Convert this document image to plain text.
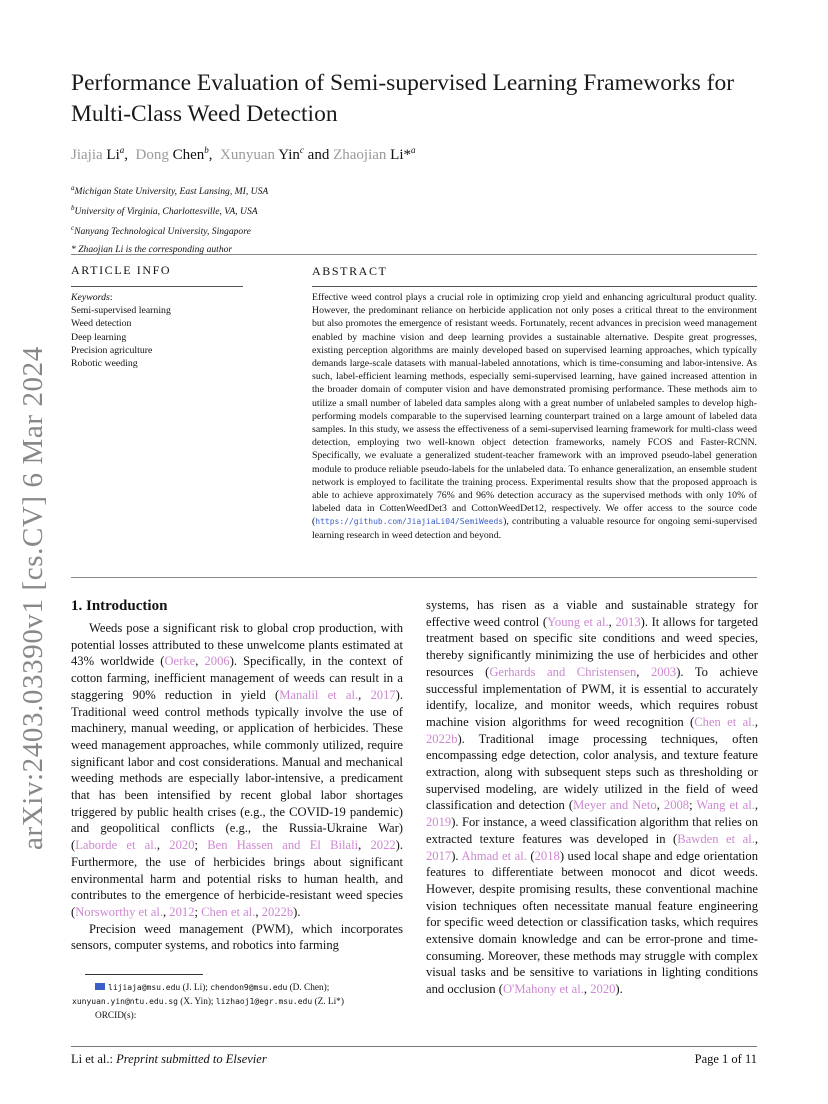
arXiv:2403.03390v1 [cs.CV] 6 Mar 2024
Performance Evaluation of Semi-supervised Learning Frameworks for
Multi-Class Weed Detection
Jiajia Li$^a$,  Dong Chen$^b$,  Xunyuan Yin$^c$ and Zhaojian Li*$^a$
$^a$Michigan State University, East Lansing, MI, USA
$^b$University of Virginia, Charlottesville, VA, USA
$^c$Nanyang Technological University, Singapore
* Zhaojian Li is the corresponding author
ARTICLE INFO	ABSTRACT
Keywords:
Semi-supervised learning
Weed detection
Deep learning
Precision agriculture
Robotic weeding
Effective weed control plays a crucial role in optimizing crop yield and enhancing agricultural product quality. However, the predominant reliance on herbicide application not only poses a critical threat to the environment but also promotes the emergence of resistant weeds. Fortunately, recent advances in precision weed management enabled by machine vision and deep learning provides a sustainable alternative. Despite great progresses, existing perception algorithms are mainly developed based on supervised learning approaches, which typically demands large-scale datasets with manual-labeled annotations, which is time-consuming and labor-intensive. As such, label-efficient learning methods, especially semi-supervised learning, have gained increased attention in the broader domain of computer vision and have demonstrated promising performance. These methods aim to utilize a small number of labeled data samples along with a great number of unlabeled samples to develop high-performing models comparable to the supervised learning counterpart trained on a large amount of labeled data samples. In this study, we assess the effectiveness of a semi-supervised learning framework for multi-class weed detection, employing two well-known object detection frameworks, namely FCOS and Faster-RCNN. Specifically, we evaluate a generalized student-teacher framework with an improved pseudo-label generation module to produce reliable pseudo-labels for the unlabeled data. To enhance generalization, an ensemble student network is employed to facilitate the training process. Experimental results show that the proposed approach is able to achieve approximately 76% and 96% detection accuracy as the supervised methods with only 10% of labeled data in CottenWeedDet3 and CottonWeedDet12, respectively. We offer access to the source code (https://github.com/JiajiaLi04/SemiWeeds), contributing a valuable resource for ongoing semi-supervised learning research in weed detection and beyond.
1. Introduction

Weeds pose a significant risk to global crop production, with potential losses attributed to these unwelcome plants estimated at 43% worldwide (Oerke, 2006). Specifically, in the context of cotton farming, inefficient management of weeds can result in a staggering 90% reduction in yield (Manalil et al., 2017). Traditional weed control methods typically involve the use of machinery, manual weeding, or application of herbicides. These weed management approaches, while commonly utilized, require significant labor and cost considerations. Manual and mechanical weeding methods are especially labor-intensive, a predicament that has been intensified by recent global labor shortages triggered by public health crises (e.g., the COVID-19 pandemic) and geopolitical conflicts (e.g., the Russia-Ukraine War) (Laborde et al., 2020; Ben Hassen and El Bilali, 2022). Furthermore, the use of herbicides brings about significant environmental harm and potential risks to human health, and contributes to the emergence of herbicide-resistant weed species (Norsworthy et al., 2012; Chen et al., 2022b).

Precision weed management (PWM), which incorporates sensors, computer systems, and robotics into farming

systems, has risen as a viable and sustainable strategy for effective weed control (Young et al., 2013). It allows for targeted treatment based on specific site conditions and weed species, thereby significantly minimizing the use of herbicides and other resources (Gerhards and Christensen, 2003). To achieve successful implementation of PWM, it is essential to accurately identify, localize, and monitor weeds, which requires robust machine vision algorithms for weed recognition (Chen et al., 2022b). Traditional image processing techniques, often encompassing edge detection, color analysis, and texture feature extraction, along with subsequent steps such as thresholding or supervised modeling, are widely utilized in the field of weed classification and detection (Meyer and Neto, 2008; Wang et al., 2019). For instance, a weed classification algorithm that relies on extracted texture features was developed in (Bawden et al., 2017). Ahmad et al. (2018) used local shape and edge orientation features to differentiate between monocot and dicot weeds. However, despite promising results, these conventional machine vision techniques often necessitate manual feature engineering for specific weed detection or classification tasks, which requires extensive domain knowledge and can be error-prone and time-consuming. Moreover, these methods may struggle with complex visual tasks and be sensitive to variations in lighting conditions and occlusion (O'Mahony et al., 2020).

lijiaja@msu.edu (J. Li); chendon9@msu.edu (D. Chen);
xunyuan.yin@ntu.edu.sg (X. Yin); lizhaoj1@egr.msu.edu (Z. Li*)
ORCID(s):
Li et al.: Preprint submitted to Elsevier	Page 1 of 11
